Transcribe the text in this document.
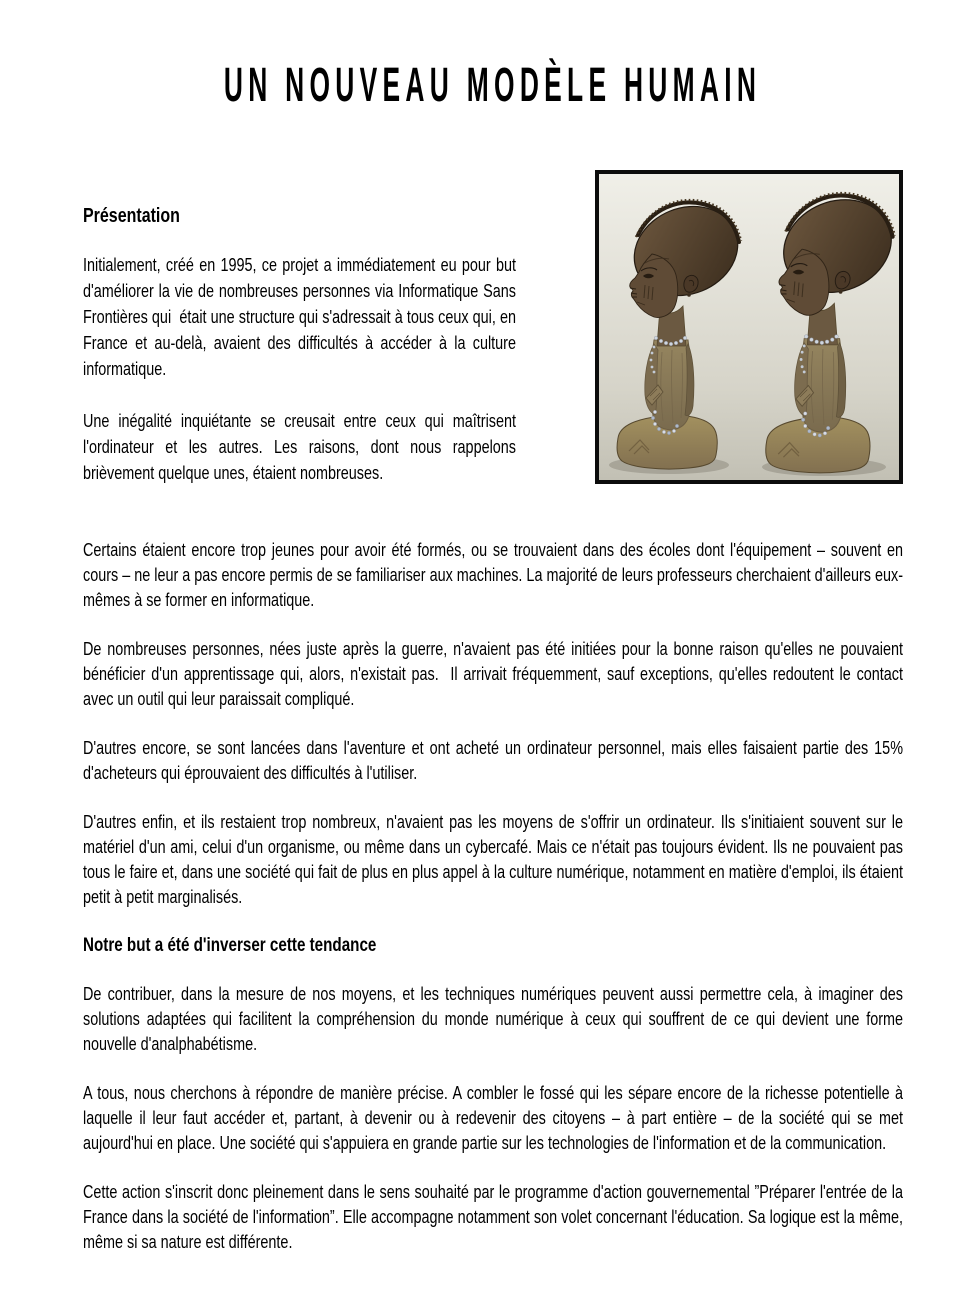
UN NOUVEAU MODÈLE HUMAIN
Présentation

Initialement, créé en 1995, ce projet a immédiatement eu pour but d'améliorer la vie de nombreuses personnes via Informatique Sans Frontières qui  était une structure qui s'adressait à tous ceux qui, en France et au-delà, avaient des difficultés à accéder à la culture informatique.

Une inégalité inquiétante se creusait entre ceux qui maîtrisent l'ordinateur et les autres. Les raisons, dont nous rappelons brièvement quelque unes, étaient nombreuses.

Certains étaient encore trop jeunes pour avoir été formés, ou se trouvaient dans des écoles dont l'équipement – souvent en cours – ne leur a pas encore permis de se familiariser aux machines. La majorité de leurs professeurs cherchaient d'ailleurs eux-mêmes à se former en informatique.

De nombreuses personnes, nées juste après la guerre, n'avaient pas été initiées pour la bonne raison qu'elles ne pouvaient bénéficier d'un apprentissage qui, alors, n'existait pas.  Il arrivait fréquemment, sauf exceptions, qu'elles redoutent le contact avec un outil qui leur paraissait compliqué.

D'autres encore, se sont lancées dans l'aventure et ont acheté un ordinateur personnel, mais elles faisaient partie des 15% d'acheteurs qui éprouvaient des difficultés à l'utiliser.

D'autres enfin, et ils restaient trop nombreux, n'avaient pas les moyens de s'offrir un ordinateur. Ils s'initiaient souvent sur le matériel d'un ami, celui d'un organisme, ou même dans un cybercafé. Mais ce n'était pas toujours évident. Ils ne pouvaient pas tous le faire et, dans une société qui fait de plus en plus appel à la culture numérique, notamment en matière d'emploi, ils étaient petit à petit marginalisés.

Notre but a été d'inverser cette tendance

De contribuer, dans la mesure de nos moyens, et les techniques numériques peuvent aussi permettre cela, à imaginer des solutions adaptées qui facilitent la compréhension du monde numérique à ceux qui souffrent de ce qui devient une forme nouvelle d'analphabétisme.

A tous, nous cherchons à répondre de manière précise. A combler le fossé qui les sépare encore de la richesse potentielle à laquelle il leur faut accéder et, partant, à devenir ou à redevenir des citoyens – à part entière – de la société qui se met aujourd'hui en place. Une société qui s'appuiera en grande partie sur les technologies de l'information et de la communication.

Cette action s'inscrit donc pleinement dans le sens souhaité par le programme d'action gouvernemental ”Préparer l'entrée de la France dans la société de l'information”. Elle accompagne notamment son volet concernant l'éducation. Sa logique est la même, même si sa nature est différente.
